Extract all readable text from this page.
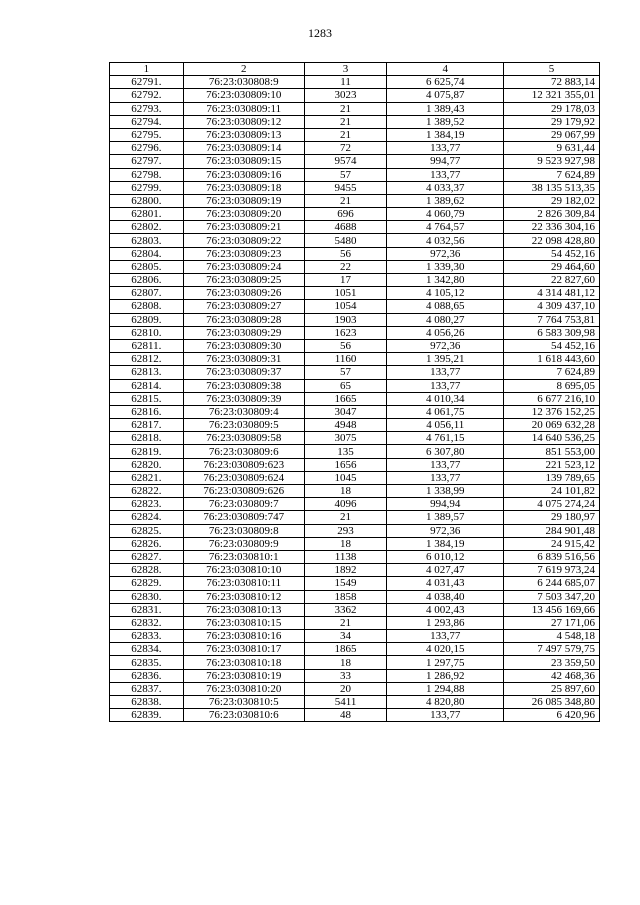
1283
1	2	3	4	5
62791.	76:23:030808:9	11	6 625,74	72 883,14
62792.	76:23:030809:10	3023	4 075,87	12 321 355,01
62793.	76:23:030809:11	21	1 389,43	29 178,03
62794.	76:23:030809:12	21	1 389,52	29 179,92
62795.	76:23:030809:13	21	1 384,19	29 067,99
62796.	76:23:030809:14	72	133,77	9 631,44
62797.	76:23:030809:15	9574	994,77	9 523 927,98
62798.	76:23:030809:16	57	133,77	7 624,89
62799.	76:23:030809:18	9455	4 033,37	38 135 513,35
62800.	76:23:030809:19	21	1 389,62	29 182,02
62801.	76:23:030809:20	696	4 060,79	2 826 309,84
62802.	76:23:030809:21	4688	4 764,57	22 336 304,16
62803.	76:23:030809:22	5480	4 032,56	22 098 428,80
62804.	76:23:030809:23	56	972,36	54 452,16
62805.	76:23:030809:24	22	1 339,30	29 464,60
62806.	76:23:030809:25	17	1 342,80	22 827,60
62807.	76:23:030809:26	1051	4 105,12	4 314 481,12
62808.	76:23:030809:27	1054	4 088,65	4 309 437,10
62809.	76:23:030809:28	1903	4 080,27	7 764 753,81
62810.	76:23:030809:29	1623	4 056,26	6 583 309,98
62811.	76:23:030809:30	56	972,36	54 452,16
62812.	76:23:030809:31	1160	1 395,21	1 618 443,60
62813.	76:23:030809:37	57	133,77	7 624,89
62814.	76:23:030809:38	65	133,77	8 695,05
62815.	76:23:030809:39	1665	4 010,34	6 677 216,10
62816.	76:23:030809:4	3047	4 061,75	12 376 152,25
62817.	76:23:030809:5	4948	4 056,11	20 069 632,28
62818.	76:23:030809:58	3075	4 761,15	14 640 536,25
62819.	76:23:030809:6	135	6 307,80	851 553,00
62820.	76:23:030809:623	1656	133,77	221 523,12
62821.	76:23:030809:624	1045	133,77	139 789,65
62822.	76:23:030809:626	18	1 338,99	24 101,82
62823.	76:23:030809:7	4096	994,94	4 075 274,24
62824.	76:23:030809:747	21	1 389,57	29 180,97
62825.	76:23:030809:8	293	972,36	284 901,48
62826.	76:23:030809:9	18	1 384,19	24 915,42
62827.	76:23:030810:1	1138	6 010,12	6 839 516,56
62828.	76:23:030810:10	1892	4 027,47	7 619 973,24
62829.	76:23:030810:11	1549	4 031,43	6 244 685,07
62830.	76:23:030810:12	1858	4 038,40	7 503 347,20
62831.	76:23:030810:13	3362	4 002,43	13 456 169,66
62832.	76:23:030810:15	21	1 293,86	27 171,06
62833.	76:23:030810:16	34	133,77	4 548,18
62834.	76:23:030810:17	1865	4 020,15	7 497 579,75
62835.	76:23:030810:18	18	1 297,75	23 359,50
62836.	76:23:030810:19	33	1 286,92	42 468,36
62837.	76:23:030810:20	20	1 294,88	25 897,60
62838.	76:23:030810:5	5411	4 820,80	26 085 348,80
62839.	76:23:030810:6	48	133,77	6 420,96
